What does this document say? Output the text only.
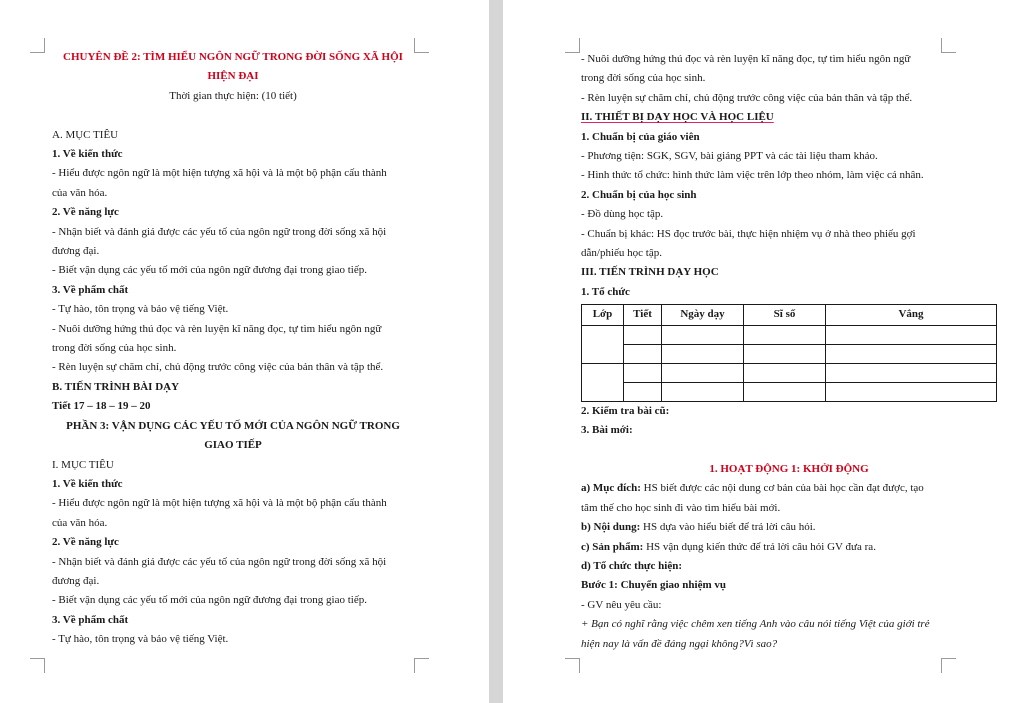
CHUYÊN ĐỀ 2: TÌM HIỂU NGÔN NGỮ TRONG ĐỜI SỐNG XÃ HỘI

HIỆN ĐẠI

Thời gian thực hiện: (10 tiết)

A. MỤC TIÊU

1. Về kiến thức

- Hiểu được ngôn ngữ là một hiện tượng xã hội và là một bộ phận cấu thành

của văn hóa.

2. Về năng lực

- Nhận biết và đánh giá được các yếu tố của ngôn ngữ trong đời sống xã hội

đương đại.

- Biết vận dụng các yếu tố mới của ngôn ngữ đương đại trong giao tiếp.

3. Về phẩm chất

- Tự hào, tôn trọng và bảo vệ tiếng Việt.

- Nuôi dưỡng hứng thú đọc và rèn luyện kĩ năng đọc, tự tìm hiểu ngôn ngữ

trong đời sống của học sinh.

- Rèn luyện sự chăm chỉ, chủ động trước công việc của bản thân và tập thể.

B. TIẾN TRÌNH BÀI DẠY

Tiết 17 – 18 – 19 – 20

PHẦN 3: VẬN DỤNG CÁC YẾU TỐ MỚI CỦA NGÔN NGỮ TRONG

GIAO TIẾP

I. MỤC TIÊU

1. Về kiến thức

- Hiểu được ngôn ngữ là một hiện tượng xã hội và là một bộ phận cấu thành

của văn hóa.

2. Về năng lực

- Nhận biết và đánh giá được các yếu tố của ngôn ngữ trong đời sống xã hội

đương đại.

- Biết vận dụng các yếu tố mới của ngôn ngữ đương đại trong giao tiếp.

3. Về phẩm chất

- Tự hào, tôn trọng và bảo vệ tiếng Việt.

- Nuôi dưỡng hứng thú đọc và rèn luyện kĩ năng đọc, tự tìm hiểu ngôn ngữ

trong đời sống của học sinh.

- Rèn luyện sự chăm chỉ, chủ động trước công việc của bản thân và tập thể.

II. THIẾT BỊ DẠY HỌC VÀ HỌC LIỆU

1. Chuẩn bị của giáo viên

- Phương tiện: SGK, SGV, bài giảng PPT và các tài liệu tham khảo.

- Hình thức tổ chức: hình thức làm việc trên lớp theo nhóm, làm việc cá nhân.

2. Chuẩn bị của học sinh

- Đồ dùng học tập.

- Chuẩn bị khác: HS đọc trước bài, thực hiện nhiệm vụ ở nhà theo phiếu gợi

dẫn/phiếu học tập.

III. TIẾN TRÌNH DẠY HỌC

1. Tổ chức

Lớp	Tiết	Ngày dạy	Sĩ số	Vắng

2. Kiểm tra bài cũ:

3. Bài mới:

1. HOẠT ĐỘNG 1: KHỞI ĐỘNG

a) Mục đích: HS biết được các nội dung cơ bản của bài học cần đạt được, tạo

tâm thế cho học sinh đi vào tìm hiểu bài mới.

b) Nội dung: HS dựa vào hiểu biết để trả lời câu hỏi.

c) Sản phẩm: HS vận dụng kiến thức để trả lời câu hỏi GV đưa ra.

d) Tổ chức thực hiện:

Bước 1: Chuyển giao nhiệm vụ

- GV nêu yêu cầu:

+ Bạn có nghĩ rằng việc chêm xen tiếng Anh vào câu nói tiếng Việt của giới trẻ

hiện nay là vấn đề đáng ngại không?Vì sao?
